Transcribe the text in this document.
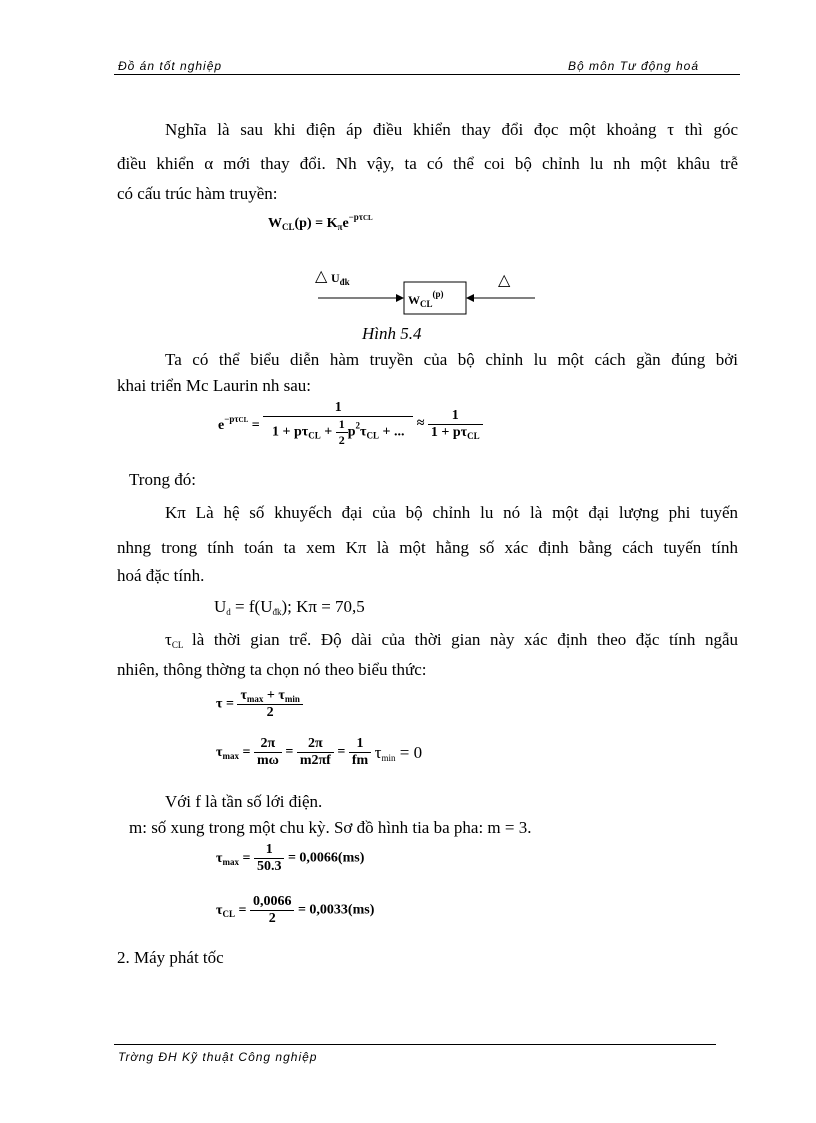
Đồ án tốt nghiệp	Bộ môn Tư động hoá
Nghĩa là sau khi điện áp điều khiển thay đổi đọc một khoảng τ thì góc
điều khiển α mới thay đổi. Nh vậy, ta có thể coi bộ chỉnh lu nh một khâu trễ
có cấu trúc hàm truyền:
$W_{CL}(p) = K_\pi e^{-p\tau CL}$
△ $U_{đk}$
$W_{CL}^{(p)}$
△
Hình 5.4
Ta có thể biểu diễn hàm truyền của bộ chỉnh lu một cách gần đúng bởi
khai triển Mc Laurin nh sau:
$e^{-p\tau CL} = \frac{1}{1 + p\tau_{CL} + \frac{1}{2} p^2\tau_{CL} + ...} \approx \frac{1}{1 + p\tau_{CL}}$
Trong đó:
Kπ Là hệ số khuyếch đại của bộ chỉnh lu nó là một đại lượng phi tuyến
nhng trong tính toán ta xem Kπ là một hằng số xác định bằng cách tuyến tính
hoá đặc tính.
$U_d = f(U_{đk})$; Kπ = 70,5
$\tau_{CL}$ là thời gian trể. Độ dài của thời gian này xác định theo đặc tính ngẫu
nhiên, thông thờng ta chọn nó theo biểu thức:
$\tau = \frac{\tau_{max} + \tau_{min}}{2}$
$\tau_{max} = \frac{2\pi}{m\omega} = \frac{2\pi}{m2\pi f} = \frac{1}{fm} \tau_{min} = 0$
Với f là tần số lới điện.
m: số xung trong một chu kỳ. Sơ đồ hình tia ba pha: m = 3.
$\tau_{max} = \frac{1}{50.3} = 0,0066(ms)$
$\tau_{CL} = \frac{0,0066}{2} = 0,0033(ms)$
2. Máy phát tốc
Trờng ĐH Kỹ thuật Công nghiệp
